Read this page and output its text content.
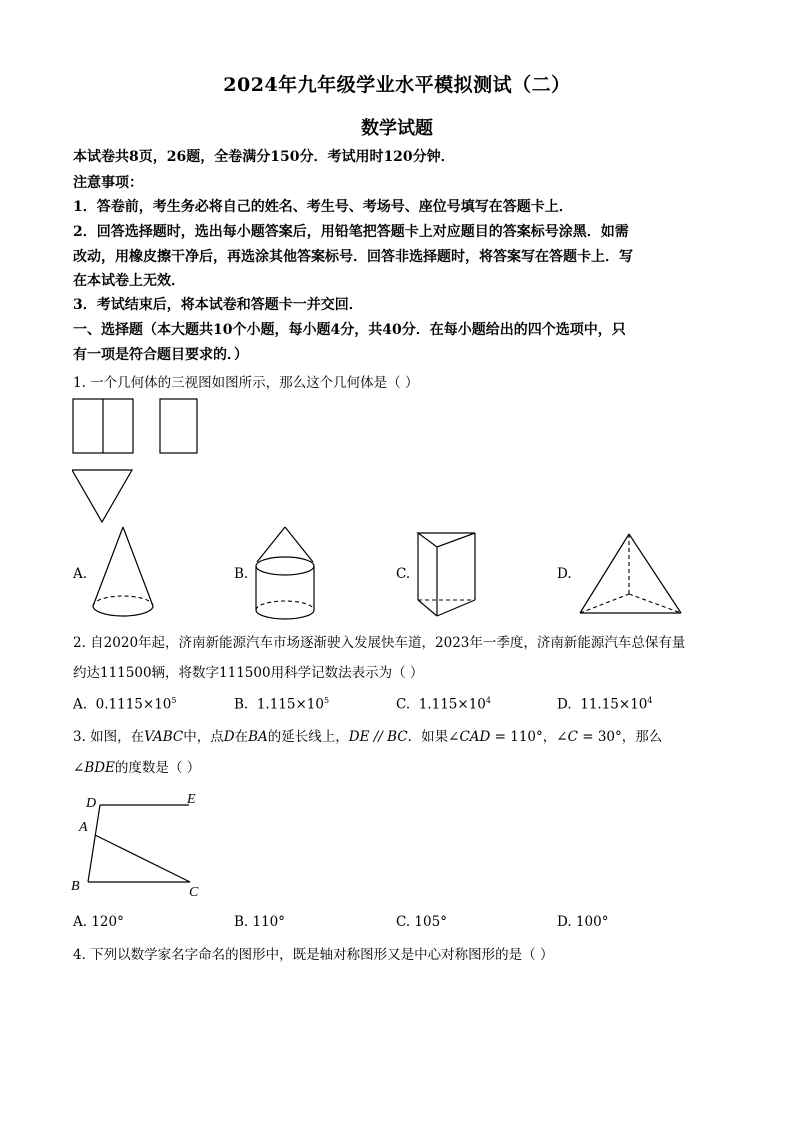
2024年九年级学业水平模拟测试（二）
数学试题
本试卷共8页，26题，全卷满分150分．考试用时120分钟．
注意事项：
1．答卷前，考生务必将自己的姓名、考生号、考场号、座位号填写在答题卡上．
2．回答选择题时，选出每小题答案后，用铅笔把答题卡上对应题目的答案标号涂黑．如需
改动，用橡皮擦干净后，再选涂其他答案标号．回答非选择题时，将答案写在答题卡上．写
在本试卷上无效．
3．考试结束后，将本试卷和答题卡一并交回．
一、选择题（本大题共10个小题，每小题4分，共40分．在每小题给出的四个选项中，只
有一项是符合题目要求的．）
1. 一个几何体的三视图如图所示，那么这个几何体是（ ）
A.	B.	C.	D.
2. 自2020年起，济南新能源汽车市场逐渐驶入发展快车道，2023年一季度，济南新能源汽车总保有量
约达111500辆，将数字111500用科学记数法表示为（ ）
A. $0.1115\times 10^5$	B. $1.115\times 10^5$	C. $1.115\times 10^4$	D. $11.15\times 10^4$
3. 如图，在VABC中，点D在BA的延长线上，DE // BC．如果∠CAD = 110°，∠C = 30°，那么
∠BDE的度数是（ ）
D	E
A
B	C
A. 120°	B. 110°	C. 105°	D. 100°
4. 下列以数学家名字命名的图形中，既是轴对称图形又是中心对称图形的是（ ）
